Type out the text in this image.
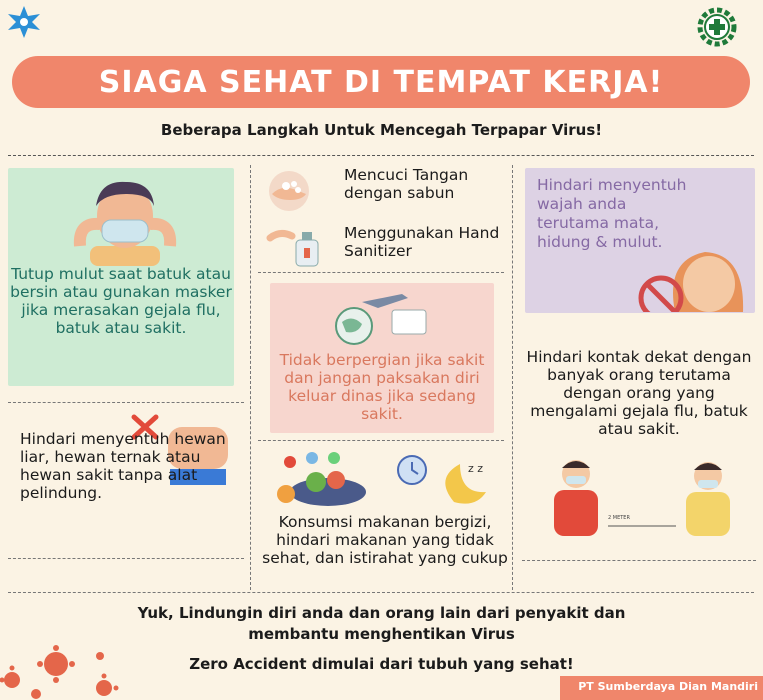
SIAGA SEHAT DI TEMPAT KERJA!
Beberapa Langkah Untuk Mencegah Terpapar Virus!
Tutup mulut saat batuk atau bersin atau gunakan masker jika merasakan gejala flu, batuk atau sakit.
Mencuci Tangan dengan sabun
Menggunakan Hand Sanitizer
Hindari menyentuh wajah anda terutama mata, hidung & mulut.
Tidak berpergian jika sakit dan jangan paksakan diri keluar dinas jika sedang sakit.
Hindari kontak dekat dengan banyak orang terutama dengan orang yang mengalami gejala flu, batuk atau sakit.
2 METER
Hindari menyentuh hewan liar, hewan ternak atau hewan sakit tanpa alat pelindung.
z z
Konsumsi makanan bergizi, hindari makanan yang tidak sehat, dan istirahat yang cukup
Yuk, Lindungin diri anda dan orang lain dari penyakit dan
membantu menghentikan Virus
Zero Accident dimulai dari tubuh yang sehat!
PT Sumberdaya Dian Mandiri
